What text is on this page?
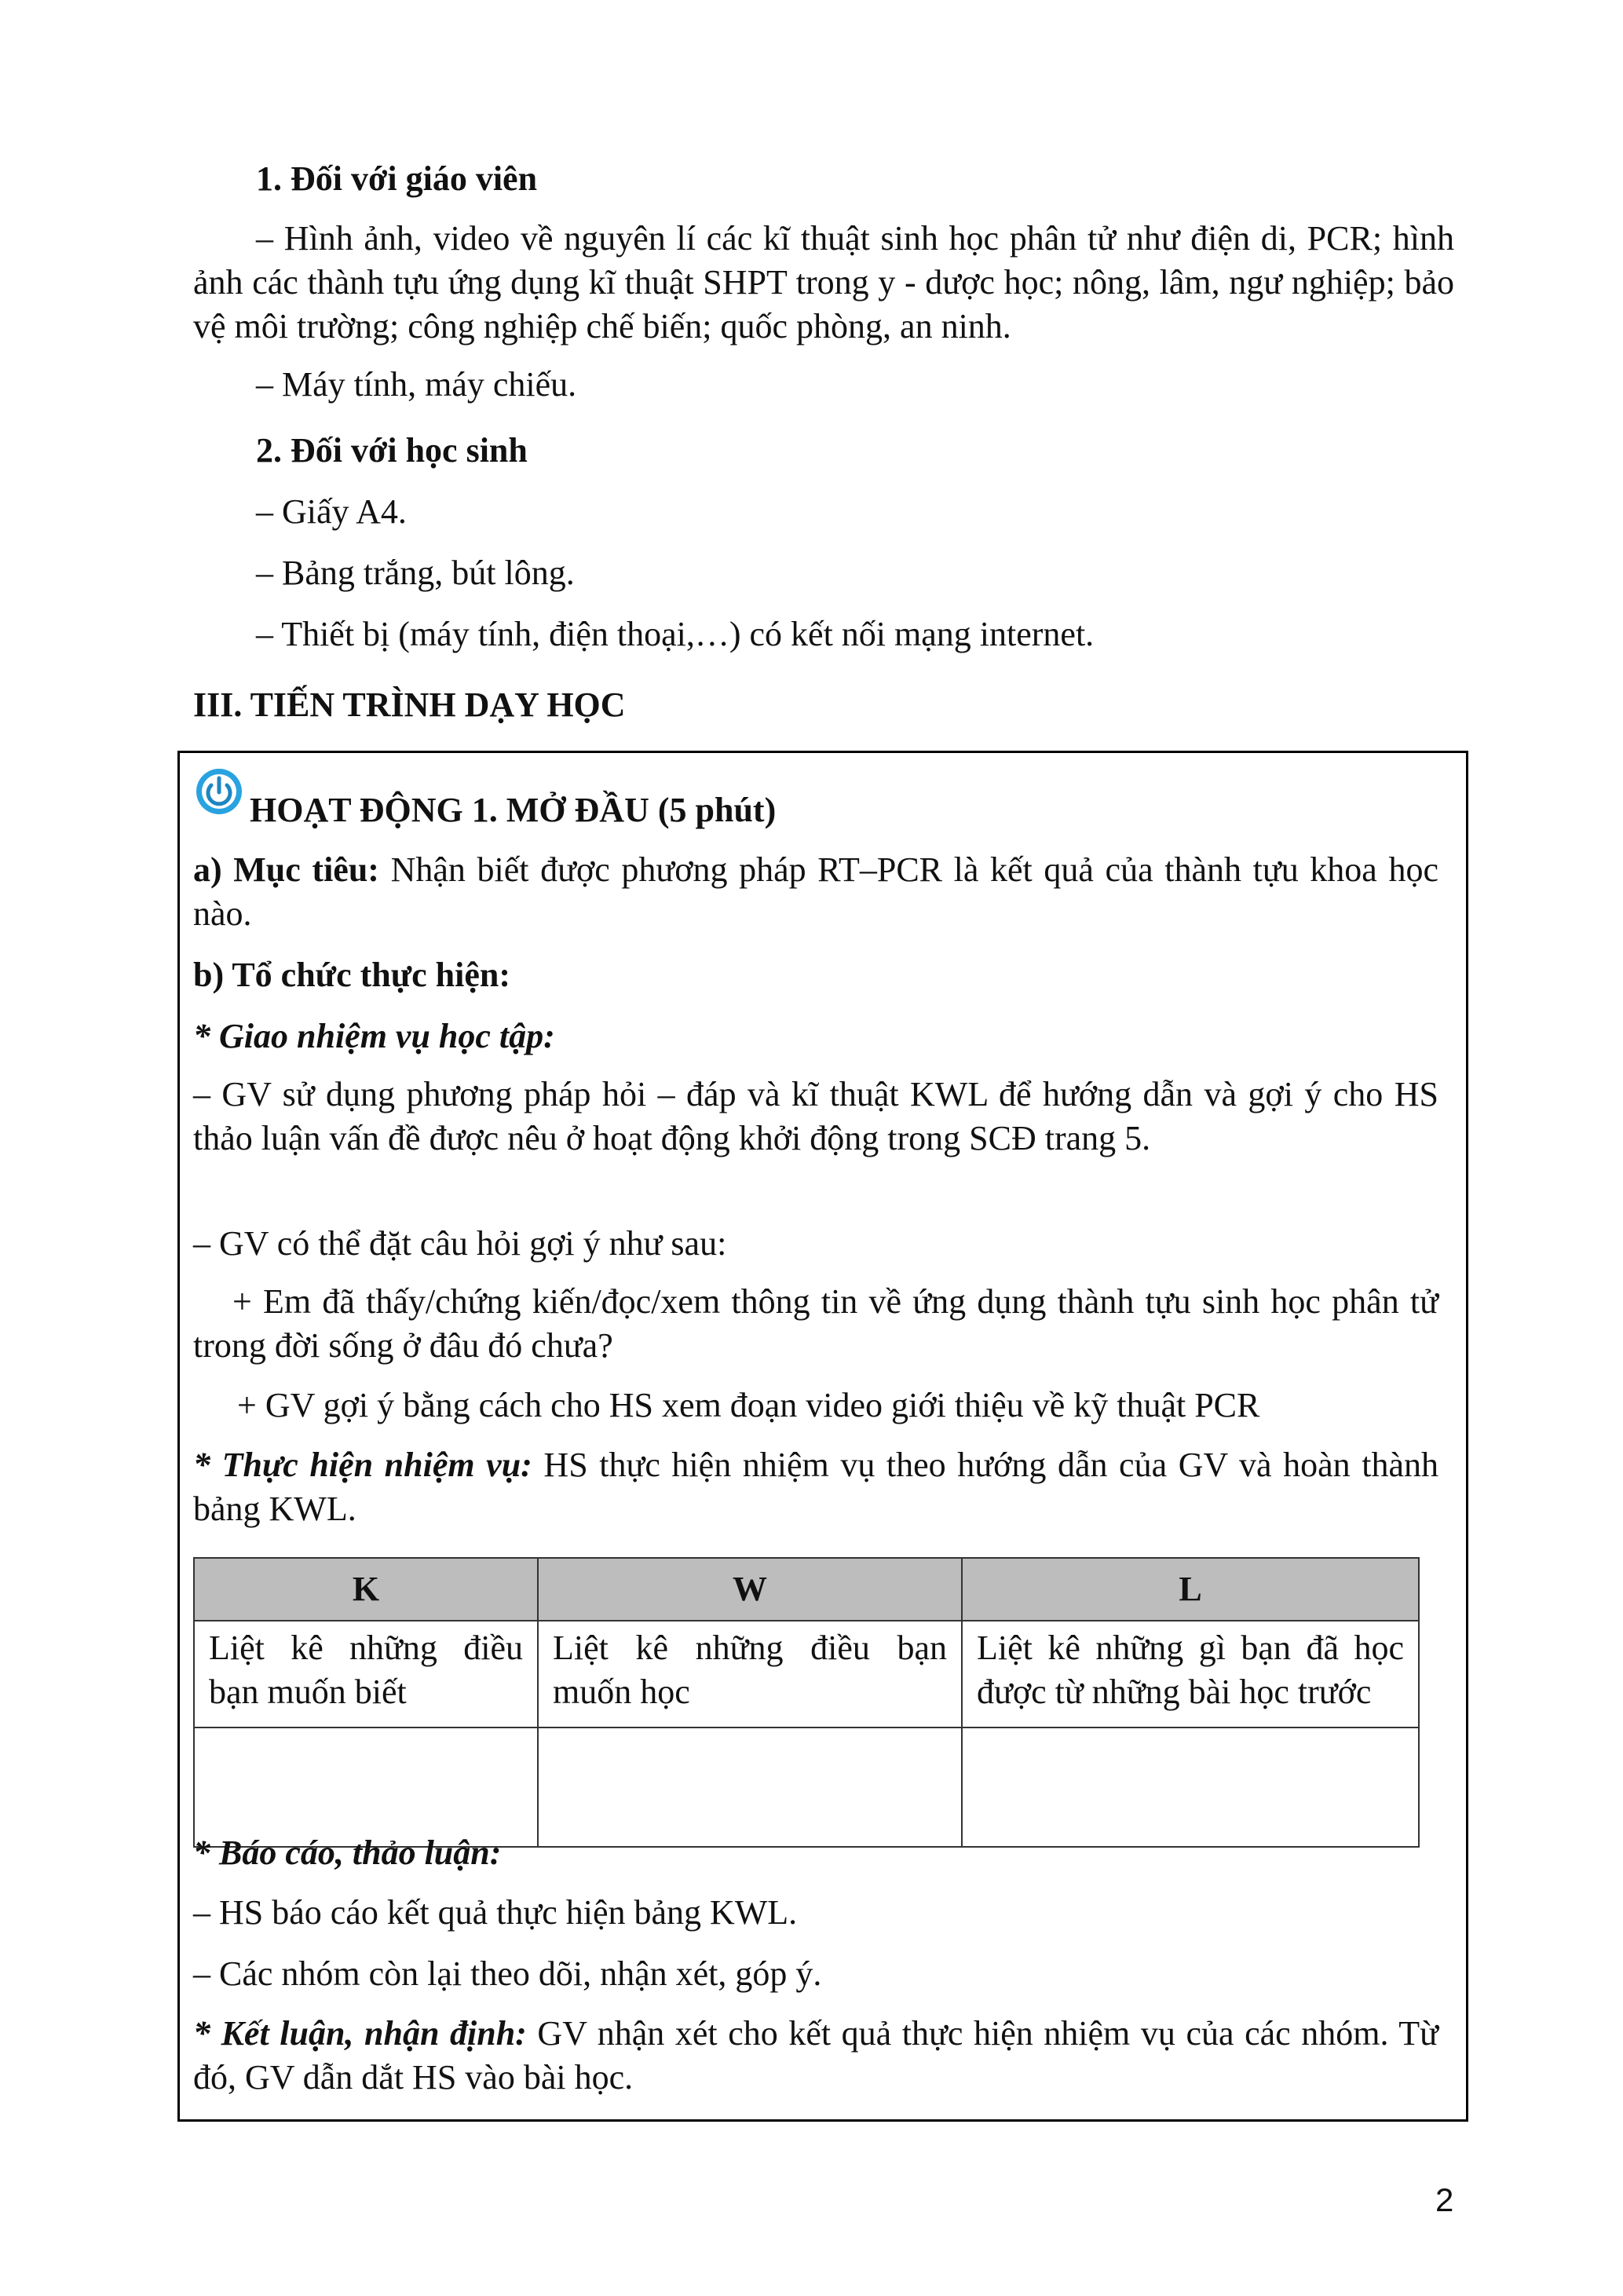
1. Đối với giáo viên
– Hình ảnh, video về nguyên lí các kĩ thuật sinh học phân tử như điện di, PCR; hình ảnh các thành tựu ứng dụng kĩ thuật SHPT trong y - dược học; nông, lâm, ngư nghiệp; bảo vệ môi trường; công nghiệp chế biến; quốc phòng, an ninh.
– Máy tính, máy chiếu.
2. Đối với học sinh
– Giấy A4.
– Bảng trắng, bút lông.
– Thiết bị (máy tính, điện thoại,…) có kết nối mạng internet.
III. TIẾN TRÌNH DẠY HỌC
HOẠT ĐỘNG 1. MỞ ĐẦU (5 phút)
a) Mục tiêu: Nhận biết được phương pháp RT–PCR là kết quả của thành tựu khoa học nào.
b) Tổ chức thực hiện:
* Giao nhiệm vụ học tập:
– GV sử dụng phương pháp hỏi – đáp và kĩ thuật KWL để hướng dẫn và gợi ý cho HS thảo luận vấn đề được nêu ở hoạt động khởi động trong SCĐ trang 5.
– GV có thể đặt câu hỏi gợi ý như sau:
+ Em đã thấy/chứng kiến/đọc/xem thông tin về ứng dụng thành tựu sinh học phân tử trong đời sống ở đâu đó chưa?
+ GV gợi ý bằng cách cho HS xem đoạn video giới thiệu về kỹ thuật PCR
* Thực hiện nhiệm vụ: HS thực hiện nhiệm vụ theo hướng dẫn của GV và hoàn thành bảng KWL.
K	W	L
Liệt kê những điều bạn muốn biết	Liệt kê những điều bạn muốn học	Liệt kê những gì bạn đã học được từ những bài học trước

* Báo cáo, thảo luận:
– HS báo cáo kết quả thực hiện bảng KWL.
– Các nhóm còn lại theo dõi, nhận xét, góp ý.
* Kết luận, nhận định: GV nhận xét cho kết quả thực hiện nhiệm vụ của các nhóm. Từ đó, GV dẫn dắt HS vào bài học.
2
